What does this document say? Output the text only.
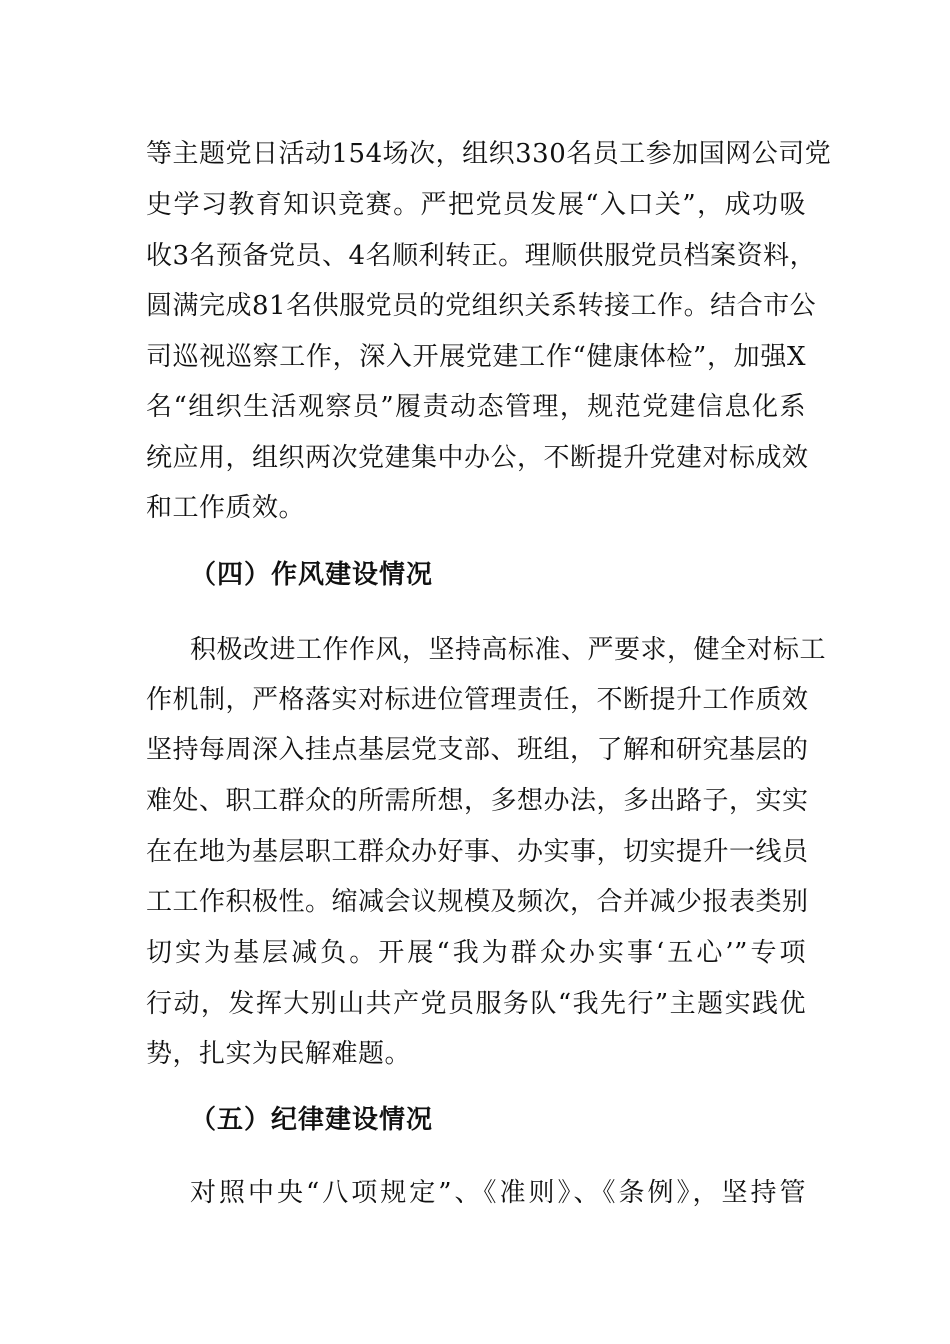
等主题党日活动154场次，组织330名员工参加国网公司党
史学习教育知识竞赛。严把党员发展“入口关”，成功吸
收3名预备党员、4名顺利转正。理顺供服党员档案资料，
圆满完成81名供服党员的党组织关系转接工作。结合市公
司巡视巡察工作，深入开展党建工作“健康体检”，加强X
名“组织生活观察员”履责动态管理，规范党建信息化系
统应用，组织两次党建集中办公，不断提升党建对标成效
和工作质效。
（四）作风建设情况
积极改进工作作风，坚持高标准、严要求，健全对标工
作机制，严格落实对标进位管理责任，不断提升工作质效
坚持每周深入挂点基层党支部、班组，了解和研究基层的
难处、职工群众的所需所想，多想办法，多出路子，实实
在在地为基层职工群众办好事、办实事，切实提升一线员
工工作积极性。缩减会议规模及频次，合并减少报表类别
切实为基层减负。开展“我为群众办实事‘五心’”专项
行动，发挥大别山共产党员服务队“我先行”主题实践优
势，扎实为民解难题。
（五）纪律建设情况
对照中央“八项规定”、《准则》、《条例》，坚持管
